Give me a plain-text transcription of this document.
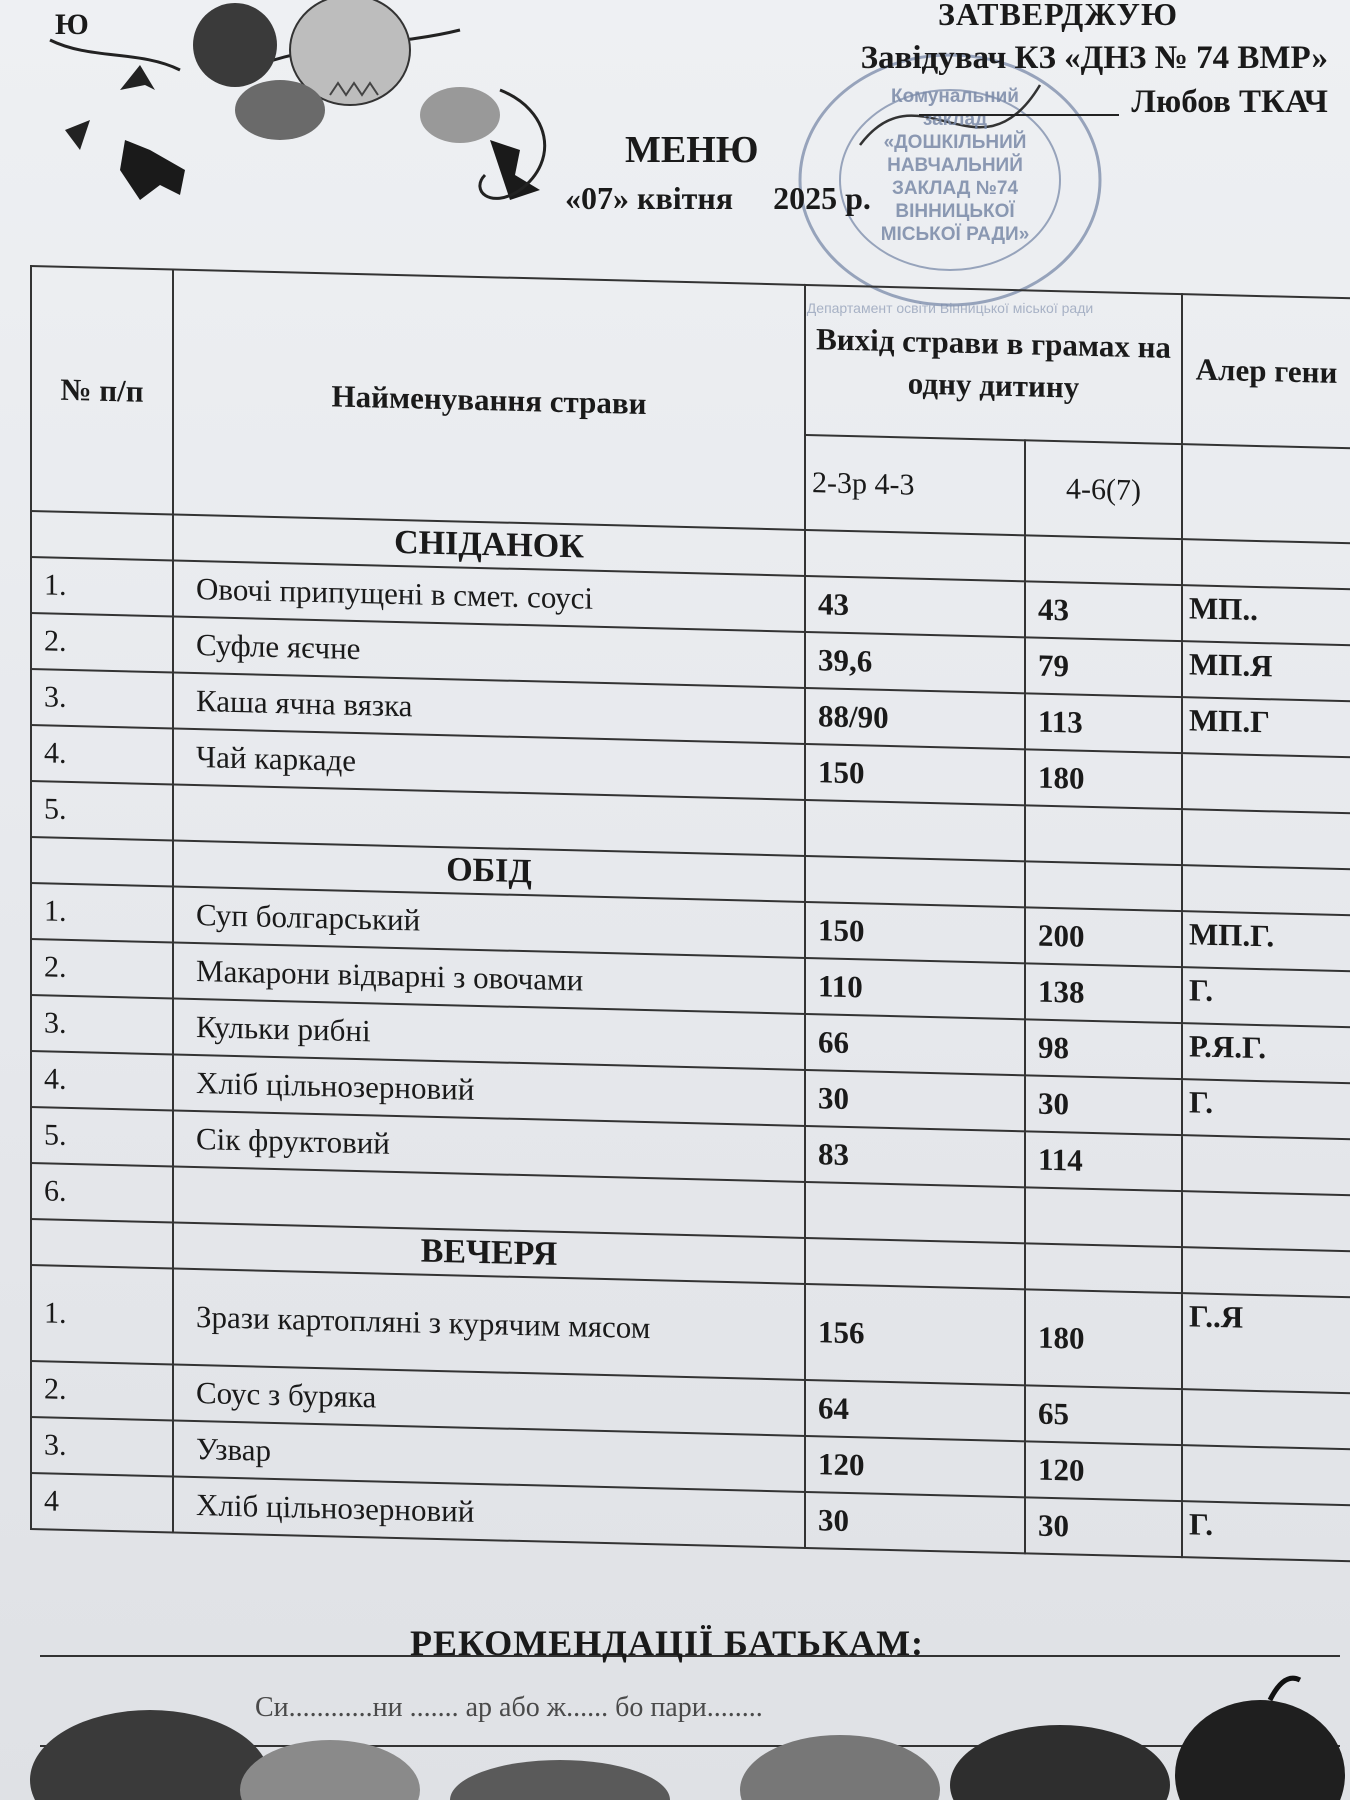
Ю
Комунальний
заклад
«ДОШКІЛЬНИЙ
НАВЧАЛЬНИЙ
ЗАКЛАД №74
ВІННИЦЬКОЇ
МІСЬКОЇ РАДИ»
Департамент освіти Вінницької міської ради
ЗАТВЕРДЖУЮ
Завідувач КЗ «ДНЗ № 74 ВМР»
Любов ТКАЧ
МЕНЮ
«07» квітня 2025 р.
№ п/п	Найменування страви	Вихід страви в грамах на одну дитину		Алер гени
		2-3р 4-3	4-6(7)	
	СНІДАНОК			
1.	Овочі припущені в смет. соусі	43	43	МП..
2.	Суфле яєчне	39,6	79	МП.Я
3.	Каша ячна вязка	88/90	113	МП.Г
4.	Чай каркаде	150	180	
5.				
	ОБІД			
1.	Суп болгарський	150	200	МП.Г.
2.	Макарони відварні з овочами	110	138	Г.
3.	Кульки рибні	66	98	Р.Я.Г.
4.	Хліб цільнозерновий	30	30	Г.
5.	Сік фруктовий	83	114	
6.				
	ВЕЧЕРЯ			
1.	Зрази картопляні з курячим мясом	156	180	Г..Я
2.	Соус з буряка	64	65	
3.	Узвар	120	120	
4	Хліб цільнозерновий	30	30	Г.
РЕКОМЕНДАЦІЇ БАТЬКАМ:
Си............ни ....... ар або ж...... бо пари........
